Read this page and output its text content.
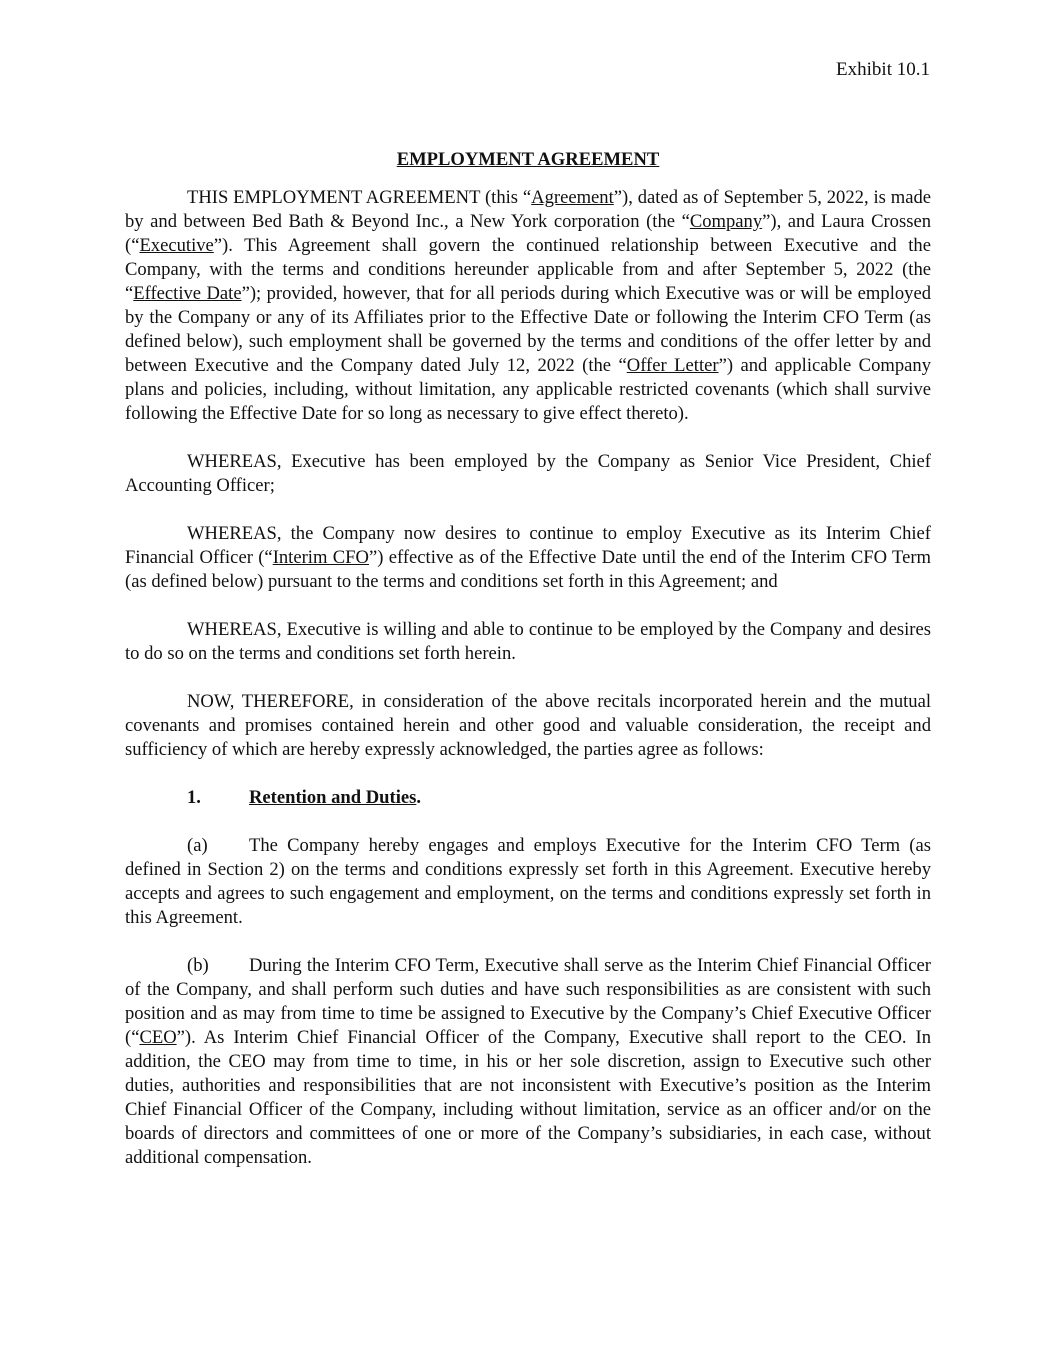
Exhibit 10.1
EMPLOYMENT AGREEMENT

THIS EMPLOYMENT AGREEMENT (this “Agreement”), dated as of September 5, 2022, is made by and between Bed Bath & Beyond Inc., a New York corporation (the “Company”), and Laura Crossen (“Executive”). This Agreement shall govern the continued relationship between Executive and the Company, with the terms and conditions hereunder applicable from and after September 5, 2022 (the “Effective Date”); provided, however, that for all periods during which Executive was or will be employed by the Company or any of its Affiliates prior to the Effective Date or following the Interim CFO Term (as defined below), such employment shall be governed by the terms and conditions of the offer letter by and between Executive and the Company dated July 12, 2022 (the “Offer Letter”) and applicable Company plans and policies, including, without limitation, any applicable restricted covenants (which shall survive following the Effective Date for so long as necessary to give effect thereto).

WHEREAS, Executive has been employed by the Company as Senior Vice President, Chief Accounting Officer;

WHEREAS, the Company now desires to continue to employ Executive as its Interim Chief Financial Officer (“Interim CFO”) effective as of the Effective Date until the end of the Interim CFO Term (as defined below) pursuant to the terms and conditions set forth in this Agreement; and

WHEREAS, Executive is willing and able to continue to be employed by the Company and desires to do so on the terms and conditions set forth herein.

NOW, THEREFORE, in consideration of the above recitals incorporated herein and the mutual covenants and promises contained herein and other good and valuable consideration, the receipt and sufficiency of which are hereby expressly acknowledged, the parties agree as follows:

1.	Retention and Duties.

(a) The Company hereby engages and employs Executive for the Interim CFO Term (as defined in Section 2) on the terms and conditions expressly set forth in this Agreement. Executive hereby accepts and agrees to such engagement and employment, on the terms and conditions expressly set forth in this Agreement.

(b) During the Interim CFO Term, Executive shall serve as the Interim Chief Financial Officer of the Company, and shall perform such duties and have such responsibilities as are consistent with such position and as may from time to time be assigned to Executive by the Company’s Chief Executive Officer (“CEO”). As Interim Chief Financial Officer of the Company, Executive shall report to the CEO. In addition, the CEO may from time to time, in his or her sole discretion, assign to Executive such other duties, authorities and responsibilities that are not inconsistent with Executive’s position as the Interim Chief Financial Officer of the Company, including without limitation, service as an officer and/or on the boards of directors and committees of one or more of the Company’s subsidiaries, in each case, without additional compensation.
